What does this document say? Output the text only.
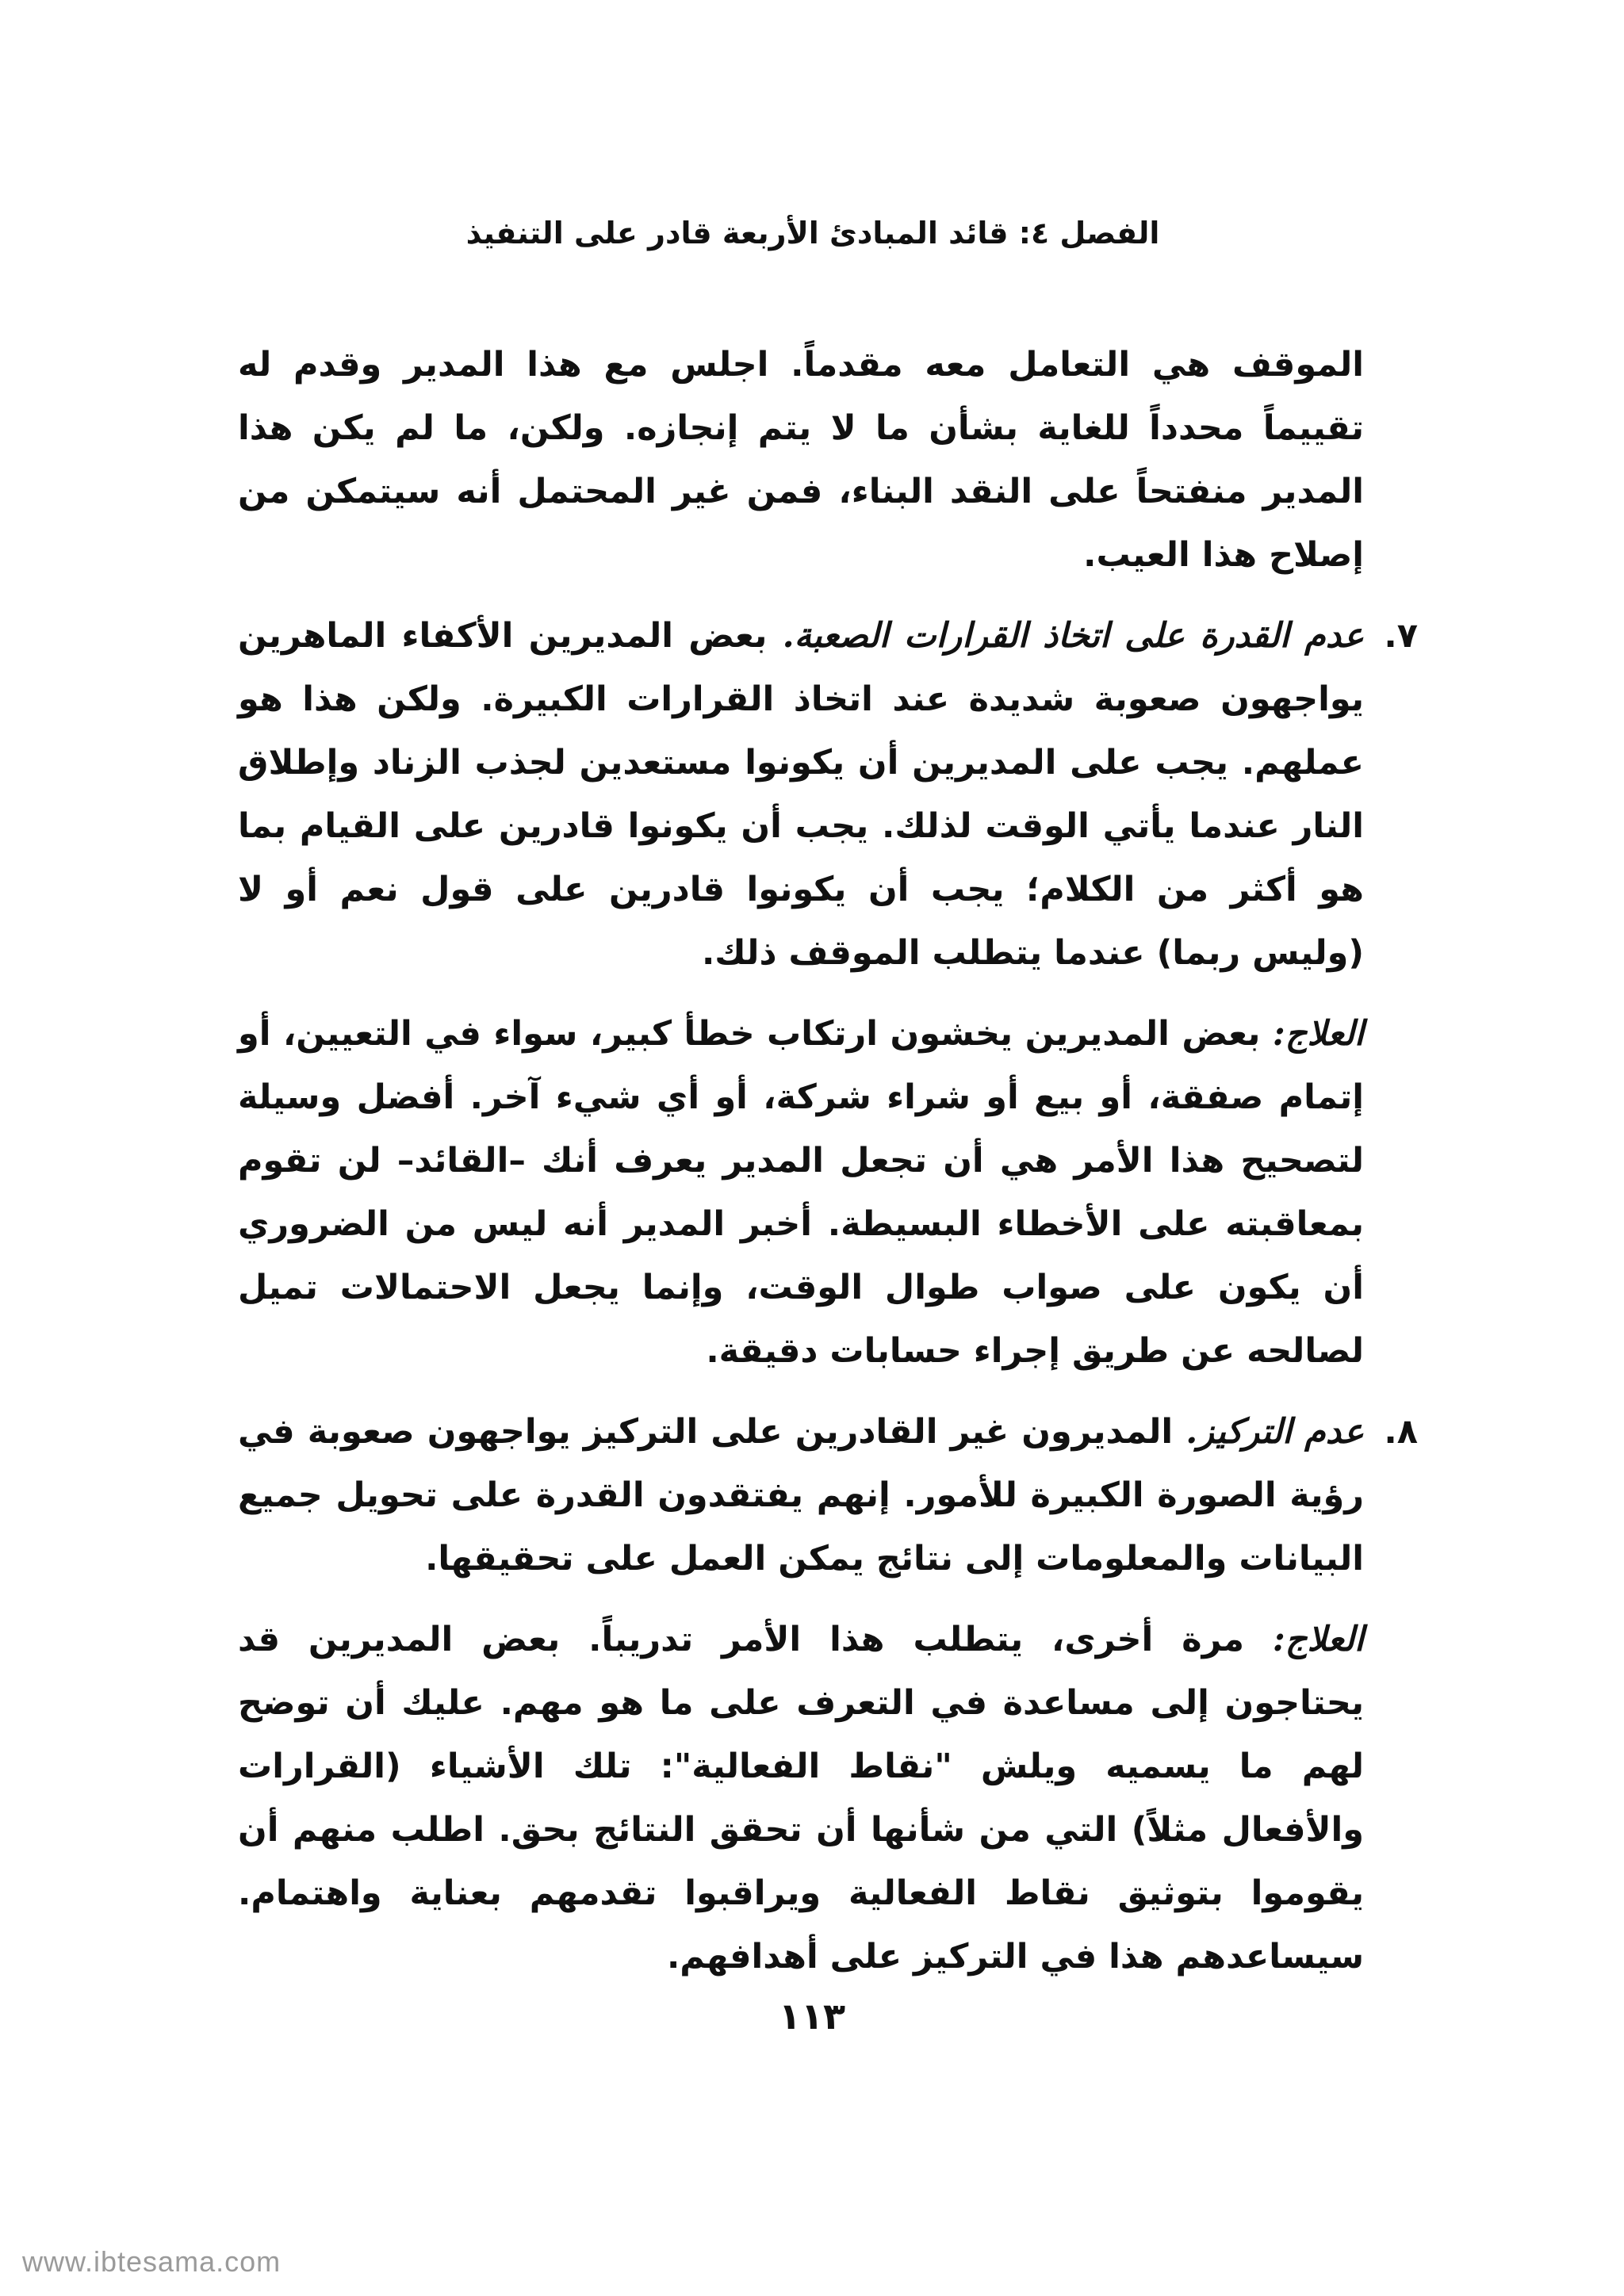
الفصل ٤: قائد المبادئ الأربعة قادر على التنفيذ

الموقف هي التعامل معه مقدماً. اجلس مع هذا المدير وقدم له تقييماً محدداً للغاية بشأن ما لا يتم إنجازه. ولكن، ما لم يكن هذا المدير منفتحاً على النقد البناء، فمن غير المحتمل أنه سيتمكن من إصلاح هذا العيب.

٧.
عدم القدرة على اتخاذ القرارات الصعبة. بعض المديرين الأكفاء الماهرين يواجهون صعوبة شديدة عند اتخاذ القرارات الكبيرة. ولكن هذا هو عملهم. يجب على المديرين أن يكونوا مستعدين لجذب الزناد وإطلاق النار عندما يأتي الوقت لذلك. يجب أن يكونوا قادرين على القيام بما هو أكثر من الكلام؛ يجب أن يكونوا قادرين على قول نعم أو لا (وليس ربما) عندما يتطلب الموقف ذلك.

العلاج: بعض المديرين يخشون ارتكاب خطأ كبير، سواء في التعيين، أو إتمام صفقة، أو بيع أو شراء شركة، أو أي شيء آخر. أفضل وسيلة لتصحيح هذا الأمر هي أن تجعل المدير يعرف أنك –القائد– لن تقوم بمعاقبته على الأخطاء البسيطة. أخبر المدير أنه ليس من الضروري أن يكون على صواب طوال الوقت، وإنما يجعل الاحتمالات تميل لصالحه عن طريق إجراء حسابات دقيقة.

٨.
عدم التركيز. المديرون غير القادرين على التركيز يواجهون صعوبة في رؤية الصورة الكبيرة للأمور. إنهم يفتقدون القدرة على تحويل جميع البيانات والمعلومات إلى نتائج يمكن العمل على تحقيقها.

العلاج: مرة أخرى، يتطلب هذا الأمر تدريباً. بعض المديرين قد يحتاجون إلى مساعدة في التعرف على ما هو مهم. عليك أن توضح لهم ما يسميه ويلش "نقاط الفعالية": تلك الأشياء (القرارات والأفعال مثلاً) التي من شأنها أن تحقق النتائج بحق. اطلب منهم أن يقوموا بتوثيق نقاط الفعالية ويراقبوا تقدمهم بعناية واهتمام. سيساعدهم هذا في التركيز على أهدافهم.

١١٣
www.ibtesama.com
